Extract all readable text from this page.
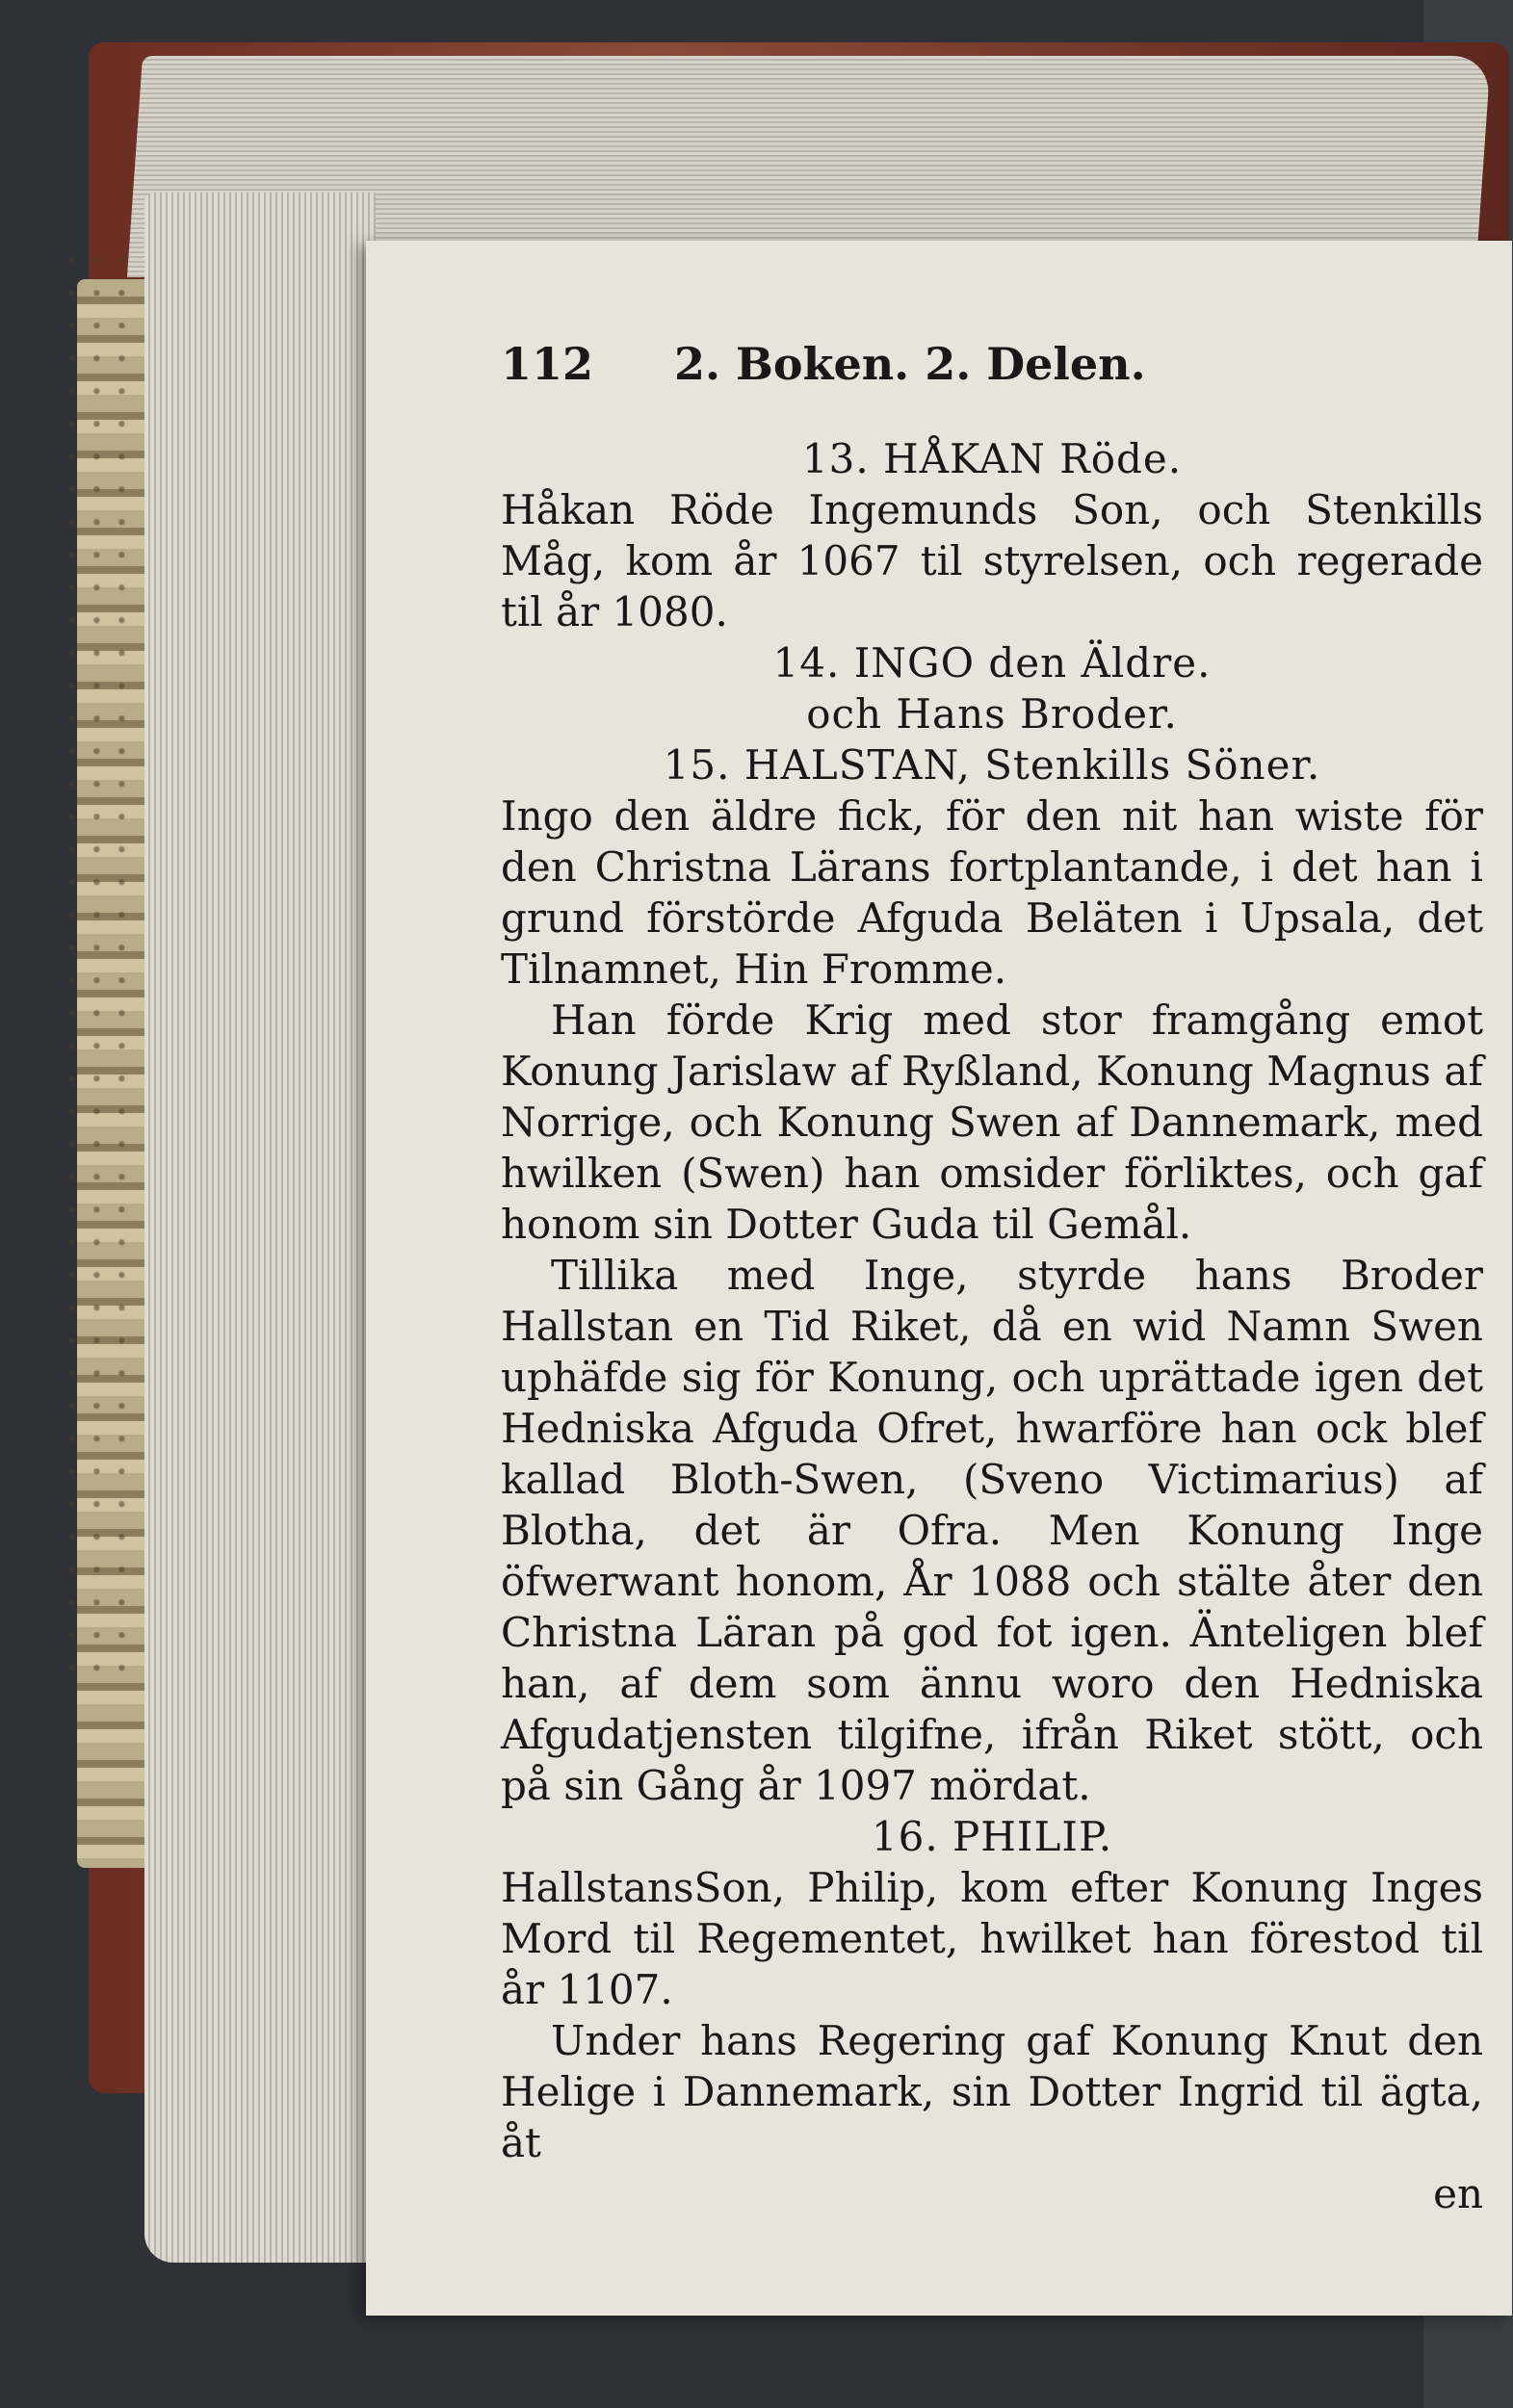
112	2. Boken. 2. Delen.
13. HÅKAN Röde.

Håkan Röde Ingemunds Son, och Stenkills Måg, kom år 1067 til styrelsen, och regerade til år 1080.

14. INGO den Äldre.
och Hans Broder.
15. HALSTAN, Stenkills Söner.

Ingo den äldre fick, för den nit han wiste för den Christna Lärans fortplantande, i det han i grund förstörde Afguda Beläten i Upsala, det Tilnamnet, Hin Fromme.

Han förde Krig med stor framgång emot Konung Jarislaw af Ryßland, Konung Magnus af Norrige, och Konung Swen af Dannemark, med hwilken (Swen) han omsider förliktes, och gaf honom sin Dotter Guda til Gemål.

Tillika med Inge, styrde hans Broder Hallstan en Tid Riket, då en wid Namn Swen uphäfde sig för Konung, och uprättade igen det Hedniska Afguda Ofret, hwarföre han ock blef kallad Bloth-Swen, (Sveno Victimarius) af Blotha, det är Ofra. Men Konung Inge öfwerwant honom, År 1088 och stälte åter den Christna Läran på god fot igen. Änteligen blef han, af dem som ännu woro den Hedniska Afgudatjensten tilgifne, ifrån Riket stött, och på sin Gång år 1097 mördat.

16. PHILIP.

HallstansSon, Philip, kom efter Konung Inges Mord til Regementet, hwilket han förestod til år 1107.

Under hans Regering gaf Konung Knut den Helige i Dannemark, sin Dotter Ingrid til ägta, åt

en
